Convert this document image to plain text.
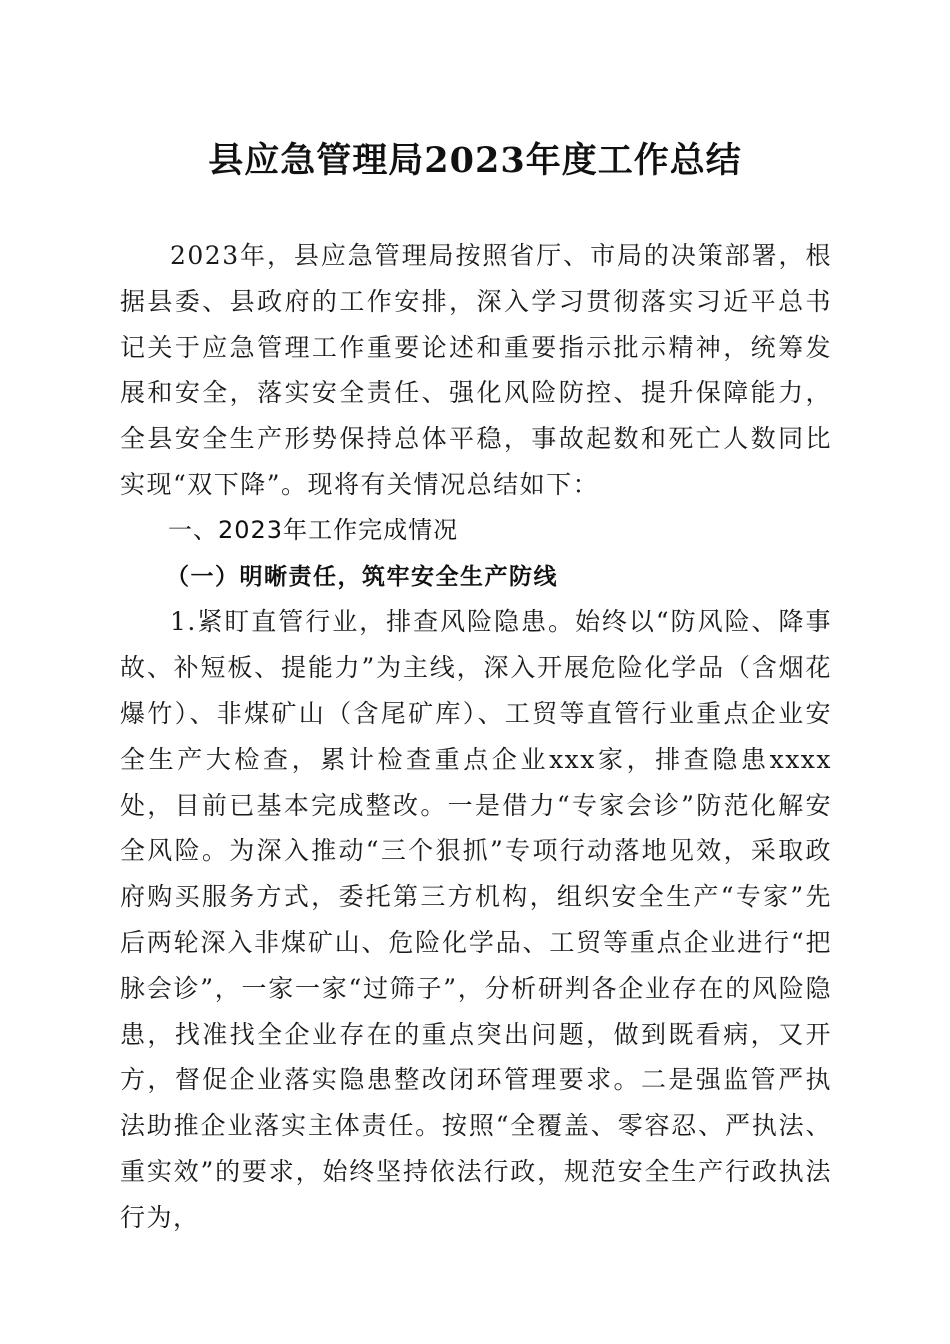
县应急管理局2023年度工作总结

2023年，县应急管理局按照省厅、市局的决策部署，根据县委、县政府的工作安排，深入学习贯彻落实习近平总书记关于应急管理工作重要论述和重要指示批示精神，统筹发展和安全，落实安全责任、强化风险防控、提升保障能力，全县安全生产形势保持总体平稳，事故起数和死亡人数同比实现“双下降”。现将有关情况总结如下：

一、2023年工作完成情况

（一）明晰责任，筑牢安全生产防线

1.紧盯直管行业，排查风险隐患。始终以“防风险、降事故、补短板、提能力”为主线，深入开展危险化学品（含烟花爆竹）、非煤矿山（含尾矿库）、工贸等直管行业重点企业安全生产大检查，累计检查重点企业xxx家，排查隐患xxxx处，目前已基本完成整改。一是借力“专家会诊”防范化解安全风险。为深入推动“三个狠抓”专项行动落地见效，采取政府购买服务方式，委托第三方机构，组织安全生产“专家”先后两轮深入非煤矿山、危险化学品、工贸等重点企业进行“把脉会诊”，一家一家“过筛子”，分析研判各企业存在的风险隐患，找准找全企业存在的重点突出问题，做到既看病，又开方，督促企业落实隐患整改闭环管理要求。二是强监管严执法助推企业落实主体责任。按照“全覆盖、零容忍、严执法、重实效”的要求，始终坚持依法行政，规范安全生产行政执法行为，
